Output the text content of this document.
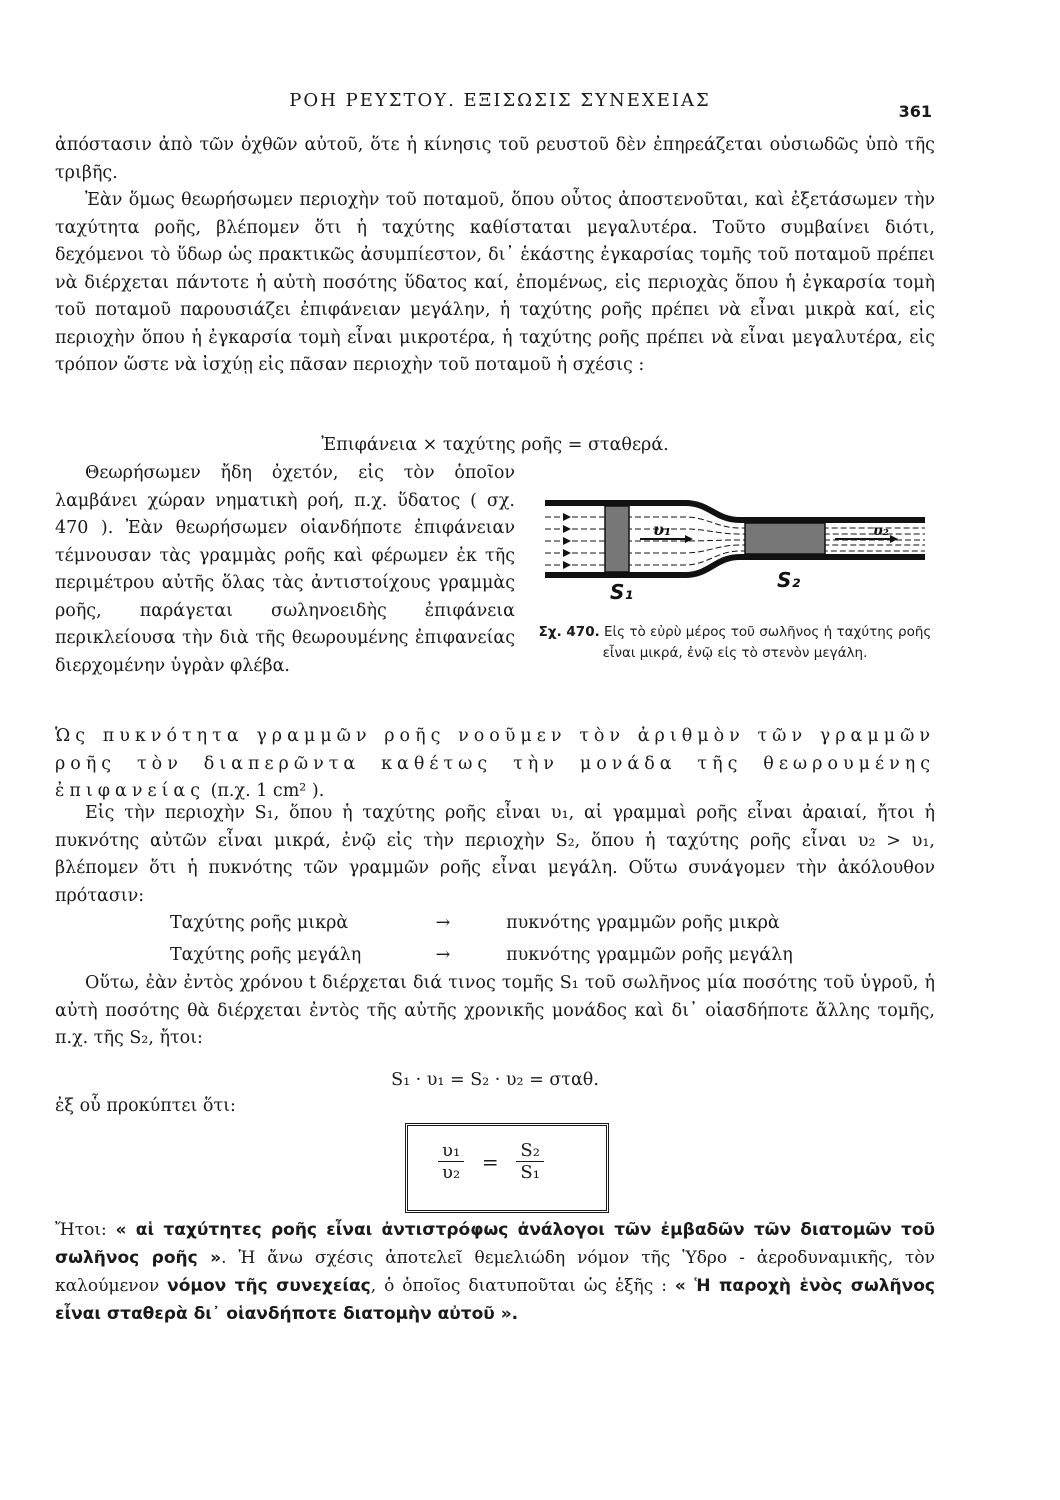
ΡΟΗ ΡΕΥΣΤΟΥ. ΕΞΙΣΩΣΙΣ ΣΥΝΕΧΕΙΑΣ
361

ἀπόστασιν ἀπὸ τῶν ὀχθῶν αὐτοῦ, ὅτε ἡ κίνησις τοῦ ρευστοῦ δὲν ἐπηρεάζεται οὐσιωδῶς ὑπὸ τῆς τριβῆς.

Ἐὰν ὅμως θεωρήσωμεν περιοχὴν τοῦ ποταμοῦ, ὅπου οὗτος ἀποστενοῦται, καὶ ἐξετάσωμεν τὴν ταχύτητα ροῆς, βλέπομεν ὅτι ἡ ταχύτης καθίσταται μεγαλυτέρα. Τοῦτο συμβαίνει διότι, δεχόμενοι τὸ ὕδωρ ὡς πρακτικῶς ἀσυμπίεστον, δι᾽ ἑκάστης ἐγκαρσίας τομῆς τοῦ ποταμοῦ πρέπει νὰ διέρχεται πάντοτε ἡ αὐτὴ ποσότης ὕδατος καί, ἐπομένως, εἰς περιοχὰς ὅπου ἡ ἐγκαρσία τομὴ τοῦ ποταμοῦ παρουσιάζει ἐπιφάνειαν μεγάλην, ἡ ταχύτης ροῆς πρέπει νὰ εἶναι μικρὰ καί, εἰς περιοχὴν ὅπου ἡ ἐγκαρσία τομὴ εἶναι μικροτέρα, ἡ ταχύτης ροῆς πρέπει νὰ εἶναι μεγαλυτέρα, εἰς τρόπον ὥστε νὰ ἰσχύῃ εἰς πᾶσαν περιοχὴν τοῦ ποταμοῦ ἡ σχέσις :

Ἐπιφάνεια × ταχύτης ροῆς = σταθερά.

Θεωρήσωμεν ἤδη ὀχετόν, εἰς τὸν ὁποῖον λαμβάνει χώραν νηματικὴ ροή, π.χ. ὕδατος ( σχ. 470 ). Ἐὰν θεωρήσωμεν οἱανδήποτε ἐπιφάνειαν τέμνουσαν τὰς γραμμὰς ροῆς καὶ φέρωμεν ἐκ τῆς περιμέτρου αὐτῆς ὅλας τὰς ἀντιστοίχους γραμμὰς ροῆς, παράγεται σωληνοειδὴς ἐπιφάνεια περικλείουσα τὴν διὰ τῆς θεωρουμένης ἐπιφανείας διερχομένην ὑγρὰν φλέβα.

υ₁	υ₂
S₁	S₂
Σχ. 470. Εἰς τὸ εὐρὺ μέρος τοῦ σωλῆνος ἡ ταχύτης ροῆς εἶναι μικρά, ἐνῷ εἰς τὸ στενὸν μεγάλη.

Ὡς πυκνότητα γραμμῶν ροῆς νοοῦμεν τὸν ἀριθμὸν τῶν γραμμῶν ροῆς τὸν διαπερῶντα καθέτως τὴν μονάδα τῆς θεωρουμένης ἐπιφανείας (π.χ. 1 cm² ).

Εἰς τὴν περιοχὴν S₁, ὅπου ἡ ταχύτης ροῆς εἶναι υ₁, αἱ γραμμαὶ ροῆς εἶναι ἀραιαί, ἤτοι ἡ πυκνότης αὐτῶν εἶναι μικρά, ἐνῷ εἰς τὴν περιοχὴν S₂, ὅπου ἡ ταχύτης ροῆς εἶναι υ₂ > υ₁, βλέπομεν ὅτι ἡ πυκνότης τῶν γραμμῶν ροῆς εἶναι μεγάλη. Οὕτω συνάγομεν τὴν ἀκόλουθον πρότασιν:

Ταχύτης ροῆς μικρὰ	→	πυκνότης γραμμῶν ροῆς μικρὰ
Ταχύτης ροῆς μεγάλη	→	πυκνότης γραμμῶν ροῆς μεγάλη

Οὕτω, ἐὰν ἐντὸς χρόνου t διέρχεται διά τινος τομῆς S₁ τοῦ σωλῆνος μία ποσότης τοῦ ὑγροῦ, ἡ αὐτὴ ποσότης θὰ διέρχεται ἐντὸς τῆς αὐτῆς χρονικῆς μονάδος καὶ δι᾽ οἱασδήποτε ἄλλης τομῆς, π.χ. τῆς S₂, ἤτοι:

S₁ · υ₁ = S₂ · υ₂ = σταθ.

ἐξ οὗ προκύπτει ὅτι:

$\frac{\text{υ₁}}{\text{υ₂}} = \frac{\text{S₂}}{\text{S₁}}$

Ἤτοι: « αἱ ταχύτητες ροῆς εἶναι ἀντιστρόφως ἀνάλογοι τῶν ἐμβαδῶν τῶν διατομῶν τοῦ σωλῆνος ροῆς ». Ἡ ἄνω σχέσις ἀποτελεῖ θεμελιώδη νόμον τῆς Ὑδρο - ἀεροδυναμικῆς, τὸν καλούμενον νόμον τῆς συνεχείας, ὁ ὁποῖος διατυποῦται ὡς ἑξῆς : « Ἡ παροχὴ ἑνὸς σωλῆνος εἶναι σταθερὰ δι᾽ οἱανδήποτε διατομὴν αὐτοῦ ».
